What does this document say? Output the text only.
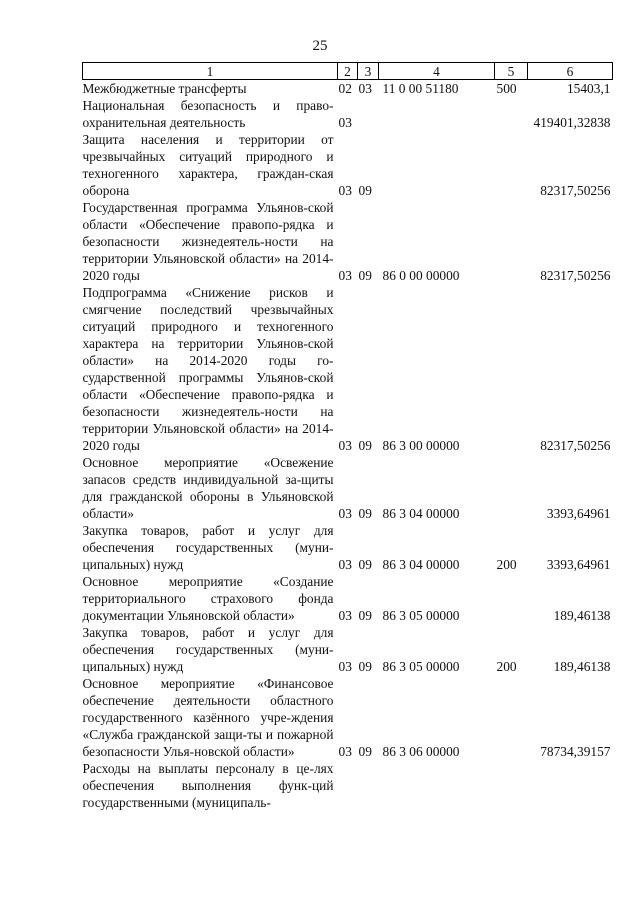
25
1	2	3	4	5	6
Межбюджетные трансферты	02	03	11 0 00 51180	500	15403,1
Национальная безопасность и право-охранительная деятельность	03				419401,32838
Защита населения и территории от чрезвычайных ситуаций природного и техногенного характера, граждан-ская оборона	03	09			82317,50256
Государственная программа Ульянов-ской области «Обеспечение правопо-рядка и безопасности жизнедеятель-ности на территории Ульяновской области» на 2014-2020 годы	03	09	86 0 00 00000		82317,50256
Подпрограмма «Снижение рисков и смягчение последствий чрезвычайных ситуаций природного и техногенного характера на территории Ульянов-ской области» на 2014-2020 годы го-сударственной программы Ульянов-ской области «Обеспечение правопо-рядка и безопасности жизнедеятель-ности на территории Ульяновской области» на 2014-2020 годы	03	09	86 3 00 00000		82317,50256
Основное мероприятие «Освежение запасов средств индивидуальной за-щиты для гражданской обороны в Ульяновской области»	03	09	86 3 04 00000		3393,64961
Закупка товаров, работ и услуг для обеспечения государственных (муни-ципальных) нужд	03	09	86 3 04 00000	200	3393,64961
Основное мероприятие «Создание территориального страхового фонда документации Ульяновской области»	03	09	86 3 05 00000		189,46138
Закупка товаров, работ и услуг для обеспечения государственных (муни-ципальных) нужд	03	09	86 3 05 00000	200	189,46138
Основное мероприятие «Финансовое обеспечение деятельности областного государственного казённого учре-ждения «Служба гражданской защи-ты и пожарной безопасности Улья-новской области»	03	09	86 3 06 00000		78734,39157
Расходы на выплаты персоналу в це-лях обеспечения выполнения функ-ций государственными (муниципаль-					
